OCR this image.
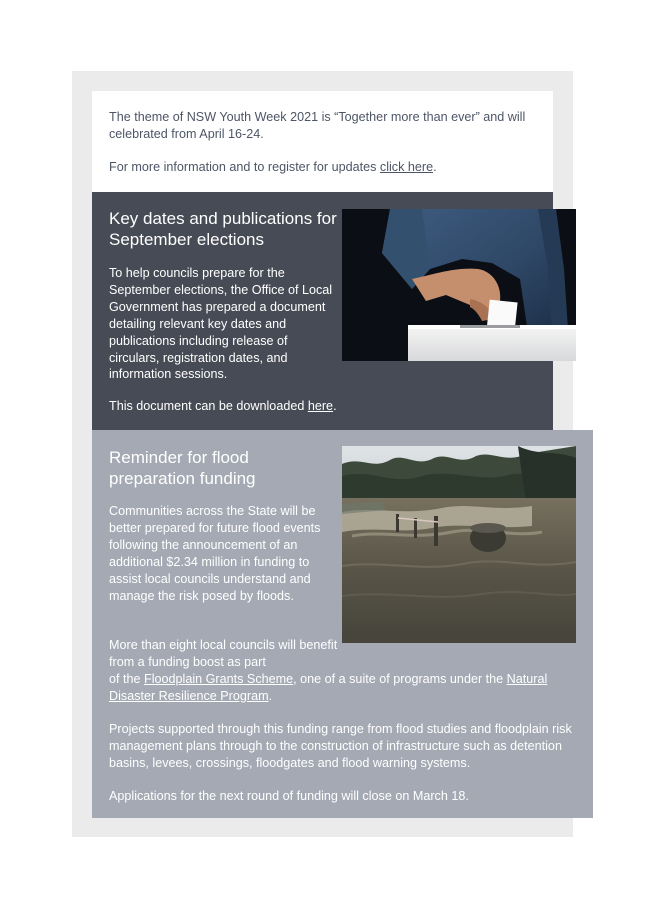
The theme of NSW Youth Week 2021 is “Together more than ever” and will celebrated from April 16-24.

For more information and to register for updates click here.

Key dates and publications for September elections

To help councils prepare for the September elections, the Office of Local Government has prepared a document detailing relevant key dates and publications including release of circulars, registration dates, and information sessions.

This document can be downloaded here.

Reminder for flood preparation funding

Communities across the State will be better prepared for future flood events following the announcement of an additional $2.34 million in funding to assist local councils understand and manage the risk posed by floods.

More than eight local councils will benefit from a funding boost as part

of the Floodplain Grants Scheme, one of a suite of programs under the Natural Disaster Resilience Program.

Projects supported through this funding range from flood studies and floodplain risk management plans through to the construction of infrastructure such as detention basins, levees, crossings, floodgates and flood warning systems.

Applications for the next round of funding will close on March 18.
